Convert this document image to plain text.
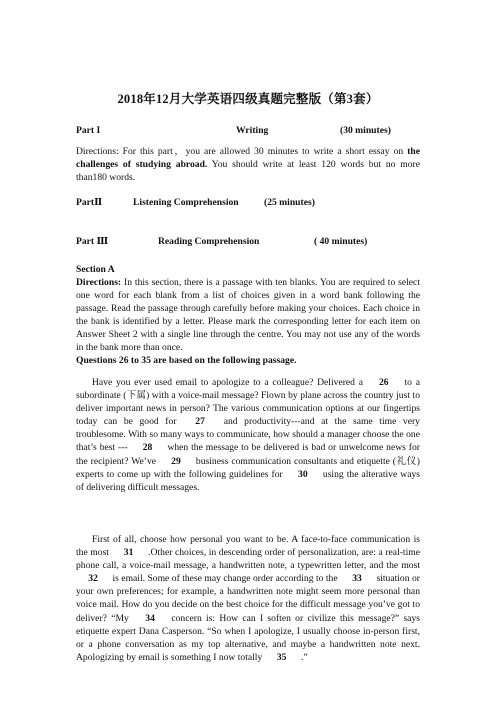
2018年12月大学英语四级真题完整版（第3套）
Part I	Writing	(30 minutes)

Directions: For this part，you are allowed 30 minutes to write a short essay on the challenges of studying abroad. You should write at least 120 words but no more than180 words.

PartⅡ	Listening Comprehension	(25 minutes)
Part Ⅲ	Reading Comprehension	( 40 minutes)
Section A

Directions: In this section, there is a passage with ten blanks. You are required to select one word for each blank from a list of choices given in a word bank following the passage. Read the passage through carefully before making your choices. Each choice in the bank is identified by a letter. Please mark the corresponding letter for each item on Answer Sheet 2 with a single line through the centre. You may not use any of the words in the bank more than once.

Questions 26 to 35 are based on the following passage.

Have you ever used email to apologize to a colleague? Delivered a 26 to a subordinate (下属) with a voice-mail message? Flown by plane across the country just to deliver important news in person? The various communication options at our fingertips today can be good for 27 and productivity---and at the same time very troublesome. With so many ways to communicate, how should a manager choose the one that’s best --- 28 when the message to be delivered is bad or unwelcome news for the recipient? We’ve 29 business communication consultants and etiquette (礼仪) experts to come up with the following guidelines for 30 using the alterative ways of delivering difficult messages.

First of all, choose how personal you want to be. A face-to-face communication is the most 31 .Other choices, in descending order of personalization, are: a real-time phone call, a voice-mail message, a handwritten note, a typewritten letter, and the most 32 is email. Some of these may change order according to the 33 situation or your own preferences; for example, a handwritten note might seem more personal than voice mail. How do you decide on the best choice for the difficult message you’ve got to deliver? “My 34 concern is: How can I soften or civilize this message?” says etiquette expert Dana Casperson. “So when I apologize, I usually choose in-person first, or a phone conversation as my top alternative, and maybe a handwritten note next. Apologizing by email is something I now totally 35 .”
